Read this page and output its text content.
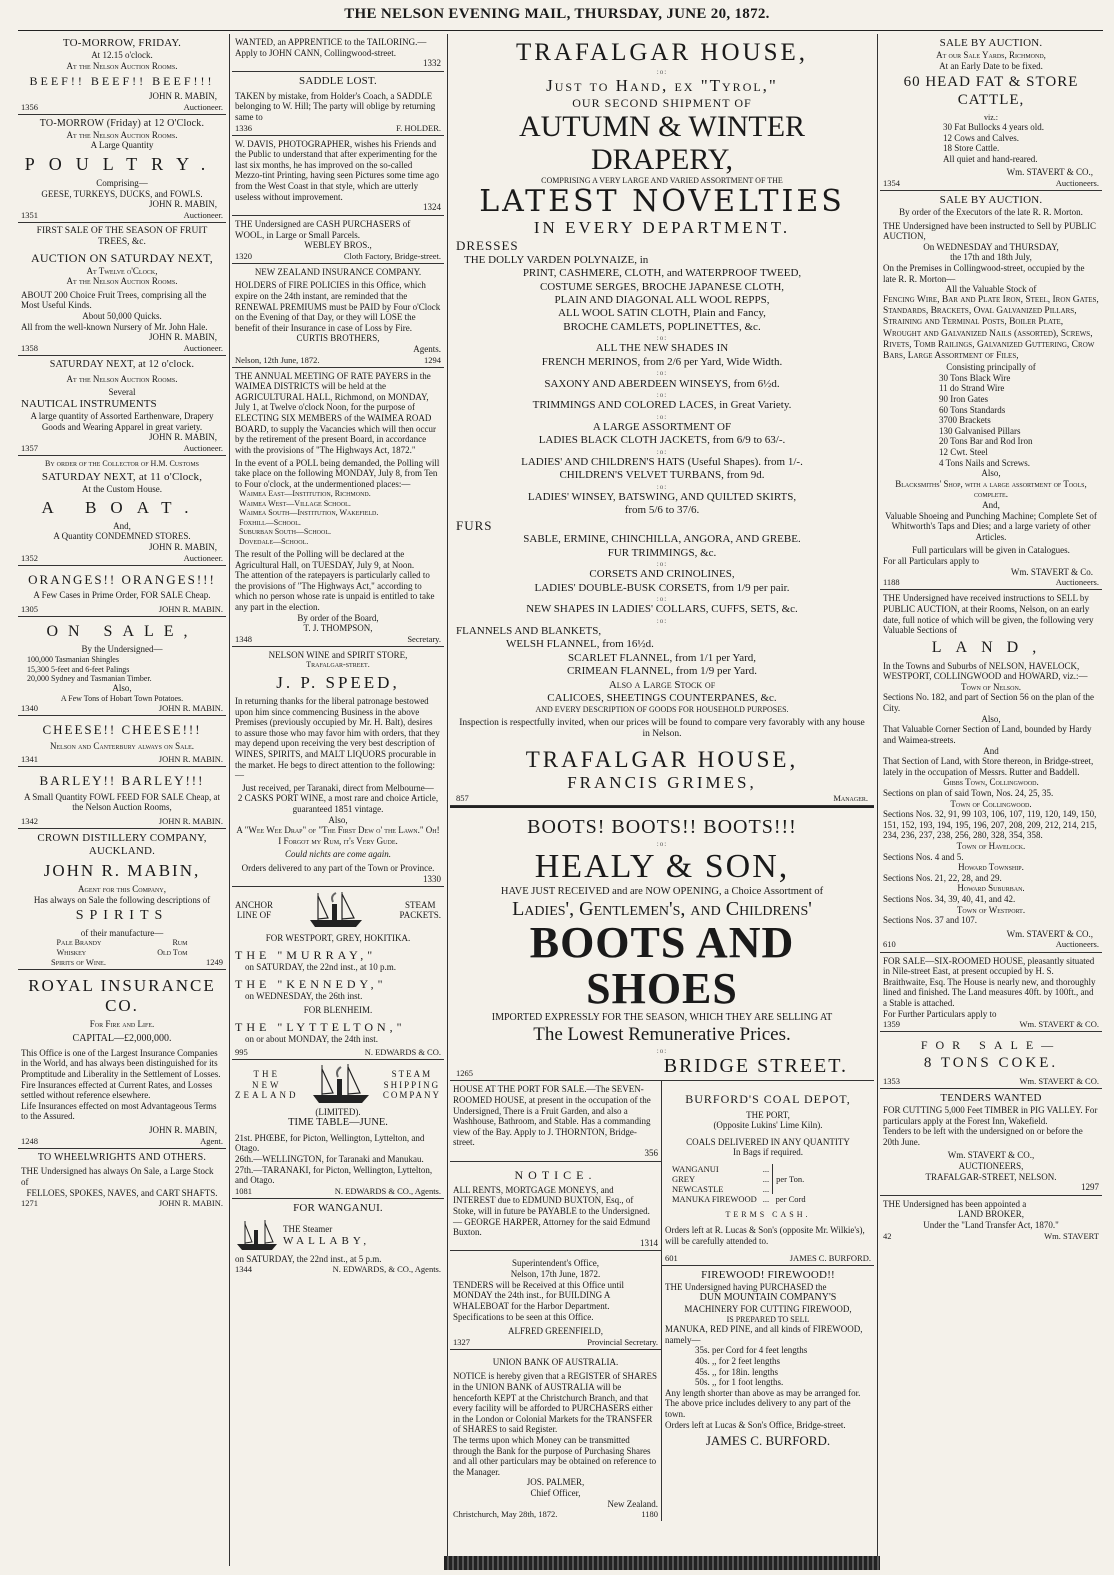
THE NELSON EVENING MAIL, THURSDAY, JUNE 20, 1872.
TO-MORROW, FRIDAY.
At 12.15 o'clock.
At the Nelson Auction Rooms.
BEEF!! BEEF!! BEEF!!!
JOHN R. MABIN,
1356	Auctioneer.
TO-MORROW (Friday) at 12 O'Clock.
At the Nelson Auction Rooms.
A Large Quantity
POULTRY.
Comprising—
GEESE, TURKEYS, DUCKS, and FOWLS.
JOHN R. MABIN,
1351	Auctioneer.
FIRST SALE OF THE SEASON OF FRUIT TREES, &c.
AUCTION ON SATURDAY NEXT,
At Twelve o'Clock,
At the Nelson Auction Rooms.
ABOUT 200 Choice Fruit Trees, comprising all the Most Useful Kinds.
About 50,000 Quicks.
All from the well-known Nursery of Mr. John Hale.
JOHN R. MABIN,
1358	Auctioneer.
SATURDAY NEXT, at 12 o'clock.
At the Nelson Auction Rooms.
Several
NAUTICAL INSTRUMENTS
A large quantity of Assorted Earthenware, Drapery Goods and Wearing Apparel in great variety.
JOHN R. MABIN,
1357	Auctioneer.
By order of the Collector of H.M. Customs
SATURDAY NEXT, at 11 o'Clock,
At the Custom House.
A BOAT.
And,
A Quantity CONDEMNED STORES.
JOHN R. MABIN,
1352	Auctioneer.
ORANGES!! ORANGES!!!
A Few Cases in Prime Order, FOR SALE Cheap.
1305	JOHN R. MABIN.
ON SALE,
By the Undersigned—
100,000 Tasmanian Shingles
15,300 5-feet and 6-feet Palings
20,000 Sydney and Tasmanian Timber.
Also,
A Few Tons of Hobart Town Potatoes.
1340	JOHN R. MABIN.
CHEESE!! CHEESE!!!
Nelson and Canterbury always on Sale.
1341	JOHN R. MABIN.
BARLEY!! BARLEY!!!
A Small Quantity FOWL FEED FOR SALE Cheap, at the Nelson Auction Rooms,
1342	JOHN R. MABIN.
CROWN DISTILLERY COMPANY, AUCKLAND.
JOHN R. MABIN,
Agent for this Company,
Has always on Sale the following descriptions of
SPIRITS
of their manufacture—
Pale Brandy	Rum
Whiskey	Old Tom
Spirits of Wine.	1249
ROYAL INSURANCE CO.
For Fire and Life.
CAPITAL—£2,000,000.
This Office is one of the Largest Insurance Companies in the World, and has always been distinguished for its Promptitude and Liberality in the Settlement of Losses.
Fire Insurances effected at Current Rates, and Losses settled without reference elsewhere.
Life Insurances effected on most Advantageous Terms to the Assured.
JOHN R. MABIN,
1248	Agent.
TO WHEELWRIGHTS AND OTHERS.
THE Undersigned has always On Sale, a Large Stock of
FELLOES, SPOKES, NAVES, and CART SHAFTS.
1271	JOHN R. MABIN.
WANTED, an APPRENTICE to the TAILORING.—Apply to JOHN CANN, Collingwood-street.
1332
SADDLE LOST.
TAKEN by mistake, from Holder's Coach, a SADDLE belonging to W. Hill; The party will oblige by returning same to
1336	F. HOLDER.
W. DAVIS, PHOTOGRAPHER, wishes his Friends and the Public to understand that after experimenting for the last six months, he has improved on the so-called Mezzo-tint Printing, having seen Pictures some time ago from the West Coast in that style, which are utterly useless without improvement.
1324
THE Undersigned are CASH PURCHASERS of WOOL, in Large or Small Parcels.
WEBLEY BROS.,
1320	Cloth Factory, Bridge-street.
NEW ZEALAND INSURANCE COMPANY.
HOLDERS of FIRE POLICIES in this Office, which expire on the 24th instant, are reminded that the RENEWAL PREMIUMS must be PAID by Four o'Clock on the Evening of that Day, or they will LOSE the benefit of their Insurance in case of Loss by Fire.
CURTIS BROTHERS,
Agents.
Nelson, 12th June, 1872.	1294
THE ANNUAL MEETING OF RATE PAYERS in the WAIMEA DISTRICTS will be held at the AGRICULTURAL HALL, Richmond, on MONDAY, July 1, at Twelve o'clock Noon, for the purpose of ELECTING SIX MEMBERS of the WAIMEA ROAD BOARD, to supply the Vacancies which will then occur by the retirement of the present Board, in accordance with the provisions of "The Highways Act, 1872."
In the event of a POLL being demanded, the Polling will take place on the following MONDAY, July 8, from Ten to Four o'clock, at the undermentioned places:—
Waimea East—Institution, Richmond.
Waimea West—Village School.
Waimea South—Institution, Wakefield.
Foxhill—School.
Suburban South—School.
Dovedale—School.
The result of the Polling will be declared at the Agricultural Hall, on TUESDAY, July 9, at Noon.
The attention of the ratepayers is particularly called to the provisions of "The Highways Act," according to which no person whose rate is unpaid is entitled to take any part in the election.
By order of the Board,
T. J. THOMPSON,
1348	Secretary.
NELSON WINE and SPIRIT STORE,
Trafalgar-street.
J. P. SPEED,
In returning thanks for the liberal patronage bestowed upon him since commencing Business in the above Premises (previously occupied by Mr. H. Balt), desires to assure those who may favor him with orders, that they may depend upon receiving the very best description of WINES, SPIRITS, and MALT LIQUORS procurable in the market. He begs to direct attention to the following:—
Just received, per Taranaki, direct from Melbourne—
2 CASKS PORT WINE, a most rare and choice Article, guaranteed 1851 vintage.
Also,
A "Wee Wee Drap" of "The First Dew o' the Lawn." Oh! I Forgot my Rum, it's Very Gude.
Could nichts are come again.
Orders delivered to any part of the Town or Province.
1330
ANCHOR
LINE OF
STEAM
PACKETS.
FOR WESTPORT, GREY, HOKITIKA.
THE "MURRAY,"
on SATURDAY, the 22nd inst., at 10 p.m.
THE "KENNEDY,"
on WEDNESDAY, the 26th inst.
FOR BLENHEIM.
THE "LYTTELTON,"
on or about MONDAY, the 24th inst.
995	N. EDWARDS & CO.
THE
NEW
ZEALAND
STEAM
SHIPPING
COMPANY
(LIMITED).
TIME TABLE—JUNE.
21st. PHŒBE, for Picton, Wellington, Lyttelton, and Otago.
26th.—WELLINGTON, for Taranaki and Manukau.
27th.—TARANAKI, for Picton, Wellington, Lyttelton, and Otago.
1081	N. EDWARDS & CO., Agents.
FOR WANGANUI.
THE Steamer
WALLABY,
on SATURDAY, the 22nd inst., at 5 p.m.
1344	N. EDWARDS, & CO., Agents.
TRAFALGAR HOUSE,
:o:
Just to Hand, ex "Tyrol,"
OUR SECOND SHIPMENT OF
AUTUMN & WINTER DRAPERY,
COMPRISING A VERY LARGE AND VARIED ASSORTMENT OF THE
LATEST NOVELTIES
IN EVERY DEPARTMENT.
DRESSES
THE DOLLY VARDEN POLYNAIZE, in
PRINT, CASHMERE, CLOTH, and WATERPROOF TWEED,
COSTUME SERGES, BROCHE JAPANESE CLOTH,
PLAIN AND DIAGONAL ALL WOOL REPPS,
ALL WOOL SATIN CLOTH, Plain and Fancy,
BROCHE CAMLETS, POPLINETTES, &c.
:o:
ALL THE NEW SHADES IN
FRENCH MERINOS, from 2/6 per Yard, Wide Width.
:o:
SAXONY AND ABERDEEN WINSEYS, from 6½d.
:o:
TRIMMINGS AND COLORED LACES, in Great Variety.
:o:
A LARGE ASSORTMENT OF
LADIES BLACK CLOTH JACKETS, from 6/9 to 63/-.
:o:
LADIES' AND CHILDREN'S HATS (Useful Shapes). from 1/-.
CHILDREN'S VELVET TURBANS, from 9d.
:o:
LADIES' WINSEY, BATSWING, AND QUILTED SKIRTS,
from 5/6 to 37/6.
FURS
SABLE, ERMINE, CHINCHILLA, ANGORA, AND GREBE.
FUR TRIMMINGS, &c.
:o:
CORSETS AND CRINOLINES,
LADIES' DOUBLE-BUSK CORSETS, from 1/9 per pair.
:o:
NEW SHAPES IN LADIES' COLLARS, CUFFS, SETS, &c.
:o:
FLANNELS AND BLANKETS,
WELSH FLANNEL, from 16½d.
SCARLET FLANNEL, from 1/1 per Yard,
CRIMEAN FLANNEL, from 1/9 per Yard.
Also a Large Stock of
CALICOES, SHEETINGS COUNTERPANES, &c.
AND EVERY DESCRIPTION OF GOODS FOR HOUSEHOLD PURPOSES.
Inspection is respectfully invited, when our prices will be found to compare very favorably with any house in Nelson.
TRAFALGAR HOUSE,
FRANCIS GRIMES,
857	Manager.
BOOTS! BOOTS!! BOOTS!!!
:o:
HEALY & SON,
HAVE JUST RECEIVED and are NOW OPENING, a Choice Assortment of
Ladies', Gentlemen's, and Childrens'
BOOTS AND SHOES
IMPORTED EXPRESSLY FOR THE SEASON, WHICH THEY ARE SELLING AT
The Lowest Remunerative Prices.
:o:
1265	BRIDGE STREET.
HOUSE AT THE PORT FOR SALE.—The SEVEN-ROOMED HOUSE, at present in the occupation of the Undersigned, There is a Fruit Garden, and also a Washhouse, Bathroom, and Stable. Has a commanding view of the Bay. Apply to J. THORNTON, Bridge-street.
356
NOTICE.
ALL RENTS, MORTGAGE MONEYS, and INTEREST due to EDMUND BUXTON, Esq., of Stoke, will in future be PAYABLE to the Undersigned. — GEORGE HARPER, Attorney for the said Edmund Buxton.
1314
Superintendent's Office,
Nelson, 17th June, 1872.
TENDERS will be Received at this Office until MONDAY the 24th inst., for BUILDING A WHALEBOAT for the Harbor Department.
Specifications to be seen at this Office.
ALFRED GREENFIELD,
1327	Provincial Secretary.
UNION BANK OF AUSTRALIA.
NOTICE is hereby given that a REGISTER of SHARES in the UNION BANK of AUSTRALIA will be henceforth KEPT at the Christchurch Branch, and that every facility will be afforded to PURCHASERS either in the London or Colonial Markets for the TRANSFER of SHARES to said Register.
The terms upon which Money can be transmitted through the Bank for the purpose of Purchasing Shares and all other particulars may be obtained on reference to the Manager.
JOS. PALMER,
Chief Officer,
New Zealand.
Christchurch, May 28th, 1872.	1180
BURFORD'S COAL DEPOT,
THE PORT,
(Opposite Lukins' Lime Kiln).
COALS DELIVERED IN ANY QUANTITY
In Bags if required.
WANGANUI	...	per Ton.
GREY	...	
NEWCASTLE	...	
MANUKA FIREWOOD	...	per Cord
TERMS CASH.
Orders left at R. Lucas & Son's (opposite Mr. Wilkie's), will be carefully attended to.
601	JAMES C. BURFORD.
FIREWOOD! FIREWOOD!!
THE Undersigned having PURCHASED the
DUN MOUNTAIN COMPANY'S
MACHINERY FOR CUTTING FIREWOOD,
IS PREPARED TO SELL
MANUKA, RED PINE, and all kinds of FIREWOOD, namely—
35s. per Cord for 4 feet lengths
40s. ,, for 2 feet lengths
45s. ,, for 18in. lengths
50s. ,, for 1 foot lengths.
Any length shorter than above as may be arranged for.
The above price includes delivery to any part of the town.
Orders left at Lucas & Son's Office, Bridge-street.
JAMES C. BURFORD.
SALE BY AUCTION.
At our Sale Yards, Richmond,
At an Early Date to be fixed.
60 HEAD FAT & STORE CATTLE,
viz.:
30 Fat Bullocks 4 years old.
12 Cows and Calves.
18 Store Cattle.
All quiet and hand-reared.
Wm. STAVERT & CO.,
1354	Auctioneers.
SALE BY AUCTION.
By order of the Executors of the late R. R. Morton.
THE Undersigned have been instructed to Sell by PUBLIC AUCTION,
On WEDNESDAY and THURSDAY,
the 17th and 18th July,
On the Premises in Collingwood-street, occupied by the late R. R. Morton—
All the Valuable Stock of
Fencing Wire, Bar and Plate Iron, Steel, Iron Gates, Standards, Brackets, Oval Galvanized Pillars, Straining and Terminal Posts, Boiler Plate, Wrought and Galvanized Nails (assorted), Screws, Rivets, Tomb Railings, Galvanized Guttering, Crow Bars, Large Assortment of Files,
Consisting principally of
30 Tons Black Wire
11 do Strand Wire
90 Iron Gates
60 Tons Standards
3700 Brackets
130 Galvanised Pillars
20 Tons Bar and Rod Iron
12 Cwt. Steel
4 Tons Nails and Screws.
Also,
Blacksmiths' Shop, with a large assortment of Tools, complete.
And,
Valuable Shoeing and Punching Machine; Complete Set of Whitworth's Taps and Dies; and a large variety of other Articles.
Full particulars will be given in Catalogues.
For all Particulars apply to
Wm. STAVERT & Co.
1188	Auctioneers.
THE Undersigned have received instructions to SELL by PUBLIC AUCTION, at their Rooms, Nelson, on an early date, full notice of which will be given, the following very Valuable Sections of
LAND,
In the Towns and Suburbs of NELSON, HAVELOCK, WESTPORT, COLLINGWOOD and HOWARD, viz.:—
Town of Nelson.
Sections No. 182, and part of Section 56 on the plan of the City.
Also,
That Valuable Corner Section of Land, bounded by Hardy and Waimea-streets.
And
That Section of Land, with Store thereon, in Bridge-street, lately in the occupation of Messrs. Rutter and Baddell.
Gibbs Town, Collingwood.
Sections on plan of said Town, Nos. 24, 25, 35.
Town of Collingwood.
Sections Nos. 32, 91, 99 103, 106, 107, 119, 120, 149, 150, 151, 152, 193, 194, 195, 196, 207, 208, 209, 212, 214, 215, 234, 236, 237, 238, 256, 280, 328, 354, 358.
Town of Havelock.
Sections Nos. 4 and 5.
Howard Township.
Sections Nos. 21, 22, 28, and 29.
Howard Suburban.
Sections Nos. 34, 39, 40, 41, and 42.
Town of Westport.
Sections Nos. 37 and 107.
Wm. STAVERT & CO.,
610	Auctioneers.
FOR SALE—SIX-ROOMED HOUSE, pleasantly situated in Nile-street East, at present occupied by H. S. Braithwaite, Esq. The House is nearly new, and thoroughly lined and finished. The Land measures 40ft. by 100ft., and a Stable is attached.
For Further Particulars apply to
1359	Wm. STAVERT & CO.
FOR SALE—
8 TONS COKE.
1353	Wm. STAVERT & CO.
TENDERS WANTED
FOR CUTTING 5,000 Feet TIMBER in PIG VALLEY. For particulars apply at the Forest Inn, Wakefield.
Tenders to be left with the undersigned on or before the 20th June.
Wm. STAVERT & CO.,
AUCTIONEERS,
TRAFALGAR-STREET, NELSON.
1297
THE Undersigned has been appointed a
LAND BROKER,
Under the "Land Transfer Act, 1870."
42	Wm. STAVERT
